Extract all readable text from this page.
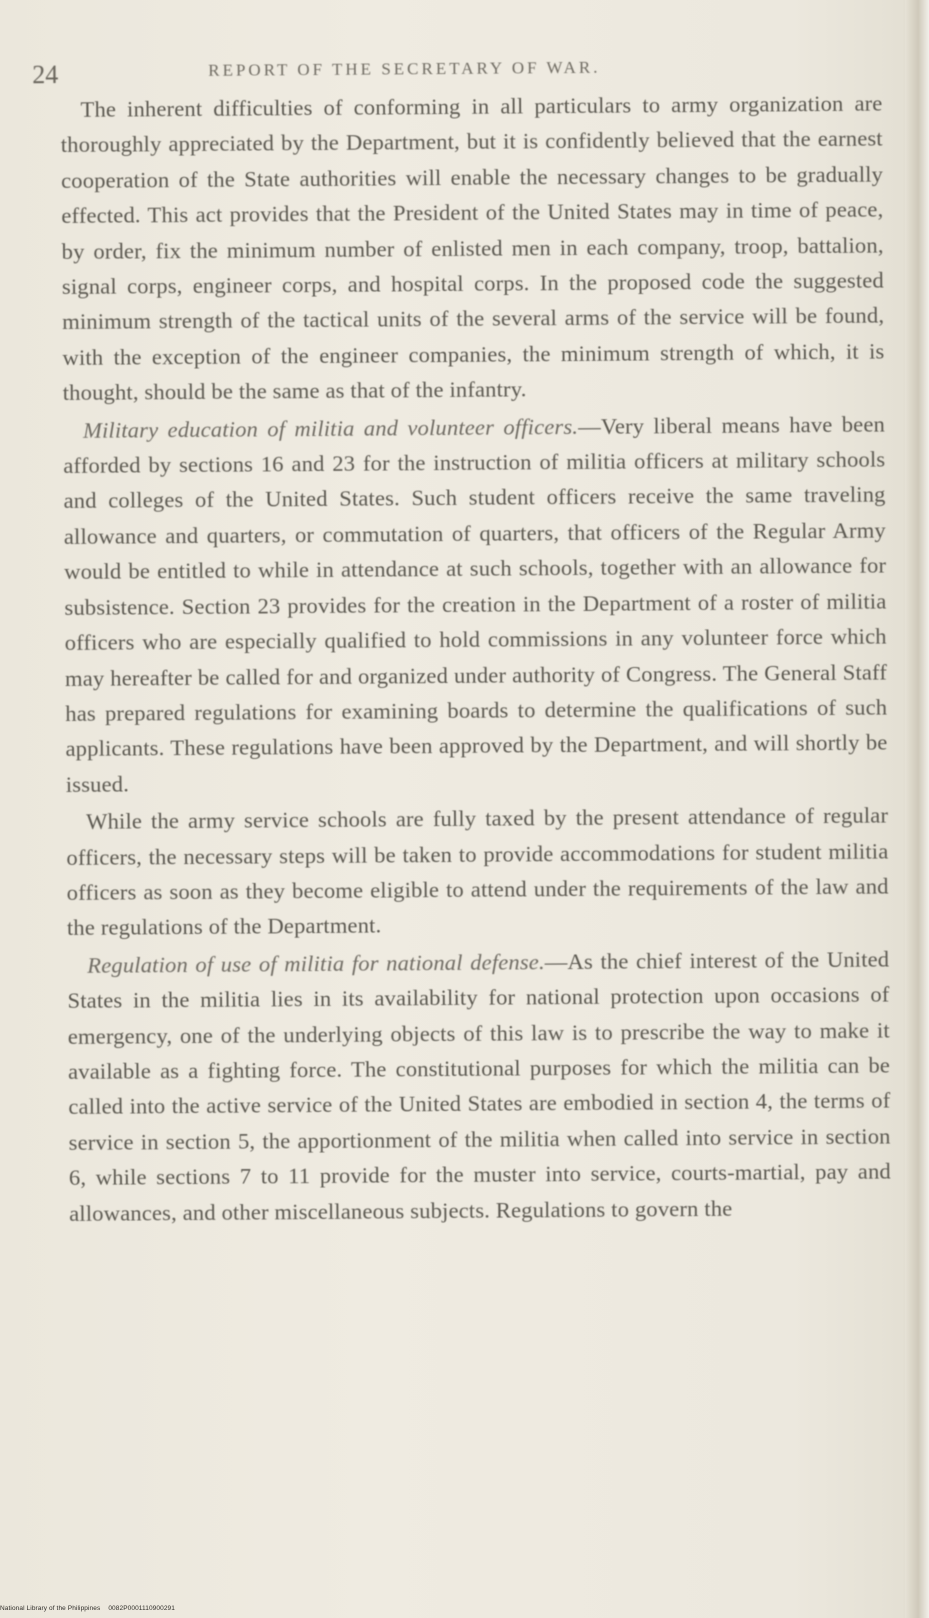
24	REPORT OF THE SECRETARY OF WAR.

The inherent difficulties of conforming in all particulars to army organization are thoroughly appreciated by the Department, but it is confidently believed that the earnest cooperation of the State authorities will enable the necessary changes to be gradually effected. This act provides that the President of the United States may in time of peace, by order, fix the minimum number of enlisted men in each company, troop, battalion, signal corps, engineer corps, and hospital corps. In the proposed code the suggested minimum strength of the tactical units of the several arms of the service will be found, with the exception of the engineer companies, the minimum strength of which, it is thought, should be the same as that of the infantry.

Military education of militia and volunteer officers.—Very liberal means have been afforded by sections 16 and 23 for the instruction of militia officers at military schools and colleges of the United States. Such student officers receive the same traveling allowance and quarters, or commutation of quarters, that officers of the Regular Army would be entitled to while in attendance at such schools, together with an allowance for subsistence. Section 23 provides for the creation in the Department of a roster of militia officers who are especially qualified to hold commissions in any volunteer force which may hereafter be called for and organized under authority of Congress. The General Staff has prepared regulations for examining boards to determine the qualifications of such applicants. These regulations have been approved by the Department, and will shortly be issued.

While the army service schools are fully taxed by the present attendance of regular officers, the necessary steps will be taken to provide accommodations for student militia officers as soon as they become eligible to attend under the requirements of the law and the regulations of the Department.

Regulation of use of militia for national defense.—As the chief interest of the United States in the militia lies in its availability for national protection upon occasions of emergency, one of the underlying objects of this law is to prescribe the way to make it available as a fighting force. The constitutional purposes for which the militia can be called into the active service of the United States are embodied in section 4, the terms of service in section 5, the apportionment of the militia when called into service in section 6, while sections 7 to 11 provide for the muster into service, courts-martial, pay and allowances, and other miscellaneous subjects. Regulations to govern the

National Library of the Philippines 0082P0001110900291
